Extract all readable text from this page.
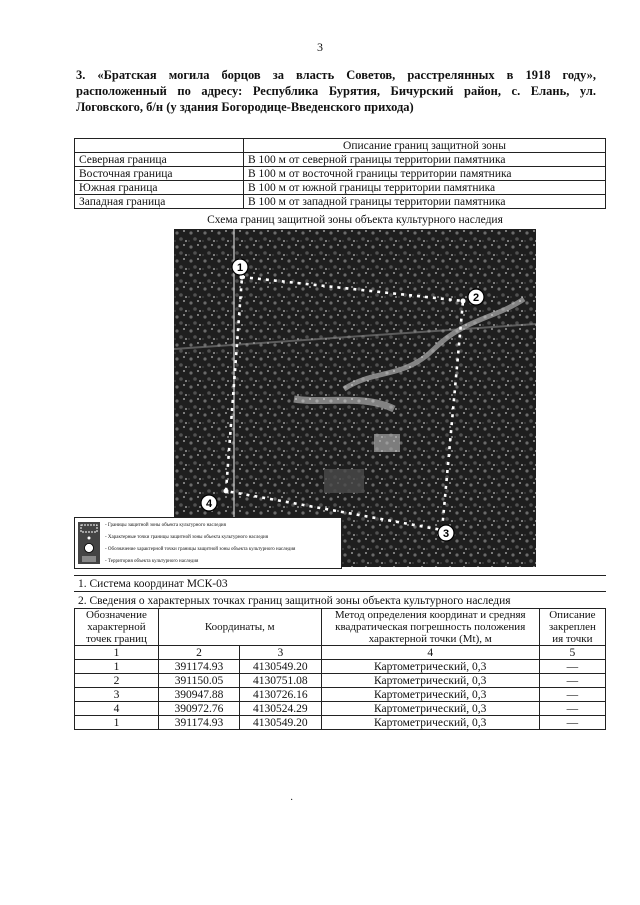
3
3. «Братская могила борцов за власть Советов, расстрелянных в 1918 году», расположенный по адресу: Республика Бурятия, Бичурский район, с. Елань, ул. Логовского, б/н (у здания Богородице-Введенского прихода)
	Описание границ защитной зоны
Северная граница	В 100 м от северной границы территории памятника
Восточная граница	В 100 м от восточной границы территории памятника
Южная граница	В 100 м от южной границы территории памятника
Западная граница	В 100 м от западной границы территории памятника
Схема границ защитной зоны объекта культурного наследия
1
2
3
4
- Границы защитной зоны объекта культурного наследия
- Характерные точки границы защитной зоны объекта культурного наследия
- Обозначение характерной точки границы защитной зоны объекта культурного наследия
- Территория объекта культурного наследия
1. Система координат МСК-03
2. Сведения о характерных точках границ защитной зоны объекта культурного наследия
Обозначение характерной точек границ	Координаты, м		Метод определения координат и средняя квадратическая погрешность положения характерной точки (Mt), м	Описание закреплен ия точки
1	2	3	4	5
1	391174.93	4130549.20	Картометрический, 0,3	—
2	391150.05	4130751.08	Картометрический, 0,3	—
3	390947.88	4130726.16	Картометрический, 0,3	—
4	390972.76	4130524.29	Картометрический, 0,3	—
1	391174.93	4130549.20	Картометрический, 0,3	—
·
